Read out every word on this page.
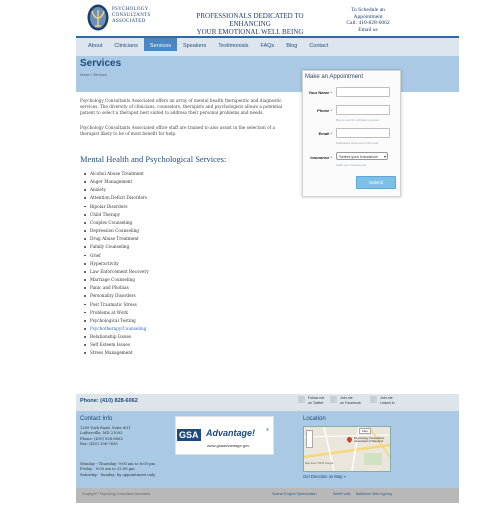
PSYCHOLOGY
CONSULTANTS
ASSOCIATED
PROFESSIONALS DEDICATED TO ENHANCING
YOUR EMOTIONAL WELL BEING
To Schedule an
Appointment
Call: 410-828-6062
Email us
About	Clinicians	Services	Speakers	Testimonials	FAQs	Blog	Contact
Services
Home » Services	Make an Appointment
Your Name *
Phone *
May be used for notification purposes
Email *
Notifications will be sent to this email
Insurance *	Select your Insurance ▾
Select your insurance plan
Submit
Psychology Consultants Associated offers an array of mental health therapeutic and diagnostic services. The diversity of clinicians, counselors, therapists and psychologists allows a potential patient to select a therapist best suited to address their personal problems and needs.
Psychology Consultants Associated office staff are trained to also assist in the selection of a therapist likely to be of most benefit for help.
Mental Health and Psychological Services:
Alcohol Abuse Treatment
Anger Management
Anxiety
Attention Deficit Disorders
Bipolar Disorders
Child Therapy
Couples Counseling
Depression Counseling
Drug Abuse Treatment
Family Counseling
Grief
Hyperactivity
Law Enforcement Recovery
Marriage Counseling
Panic and Phobias
Personality Disorders
Post Traumatic Stress
Problems at Work
Psychological Testing
Psychotherapy/Counseling
Relationship Issues
Self Esteem Issues
Stress Management
Phone: (410) 828-6062	Follow me
on Twitter
Join me
on Facebook
Join me
Linked In
Contact Info
1205 York Road, Suite #21
Lutherville, MD 21093
Phone: (410) 828-6062
Fax: (410) 296-7630
Monday - Thursday: 9:00 am to 8:00 pm
Friday - 9:00 am to 12:00 pm
Saturday - Sunday: by appointment only
GSA Advantage!	®
www.gsaadvantage.gov
Location
Map
Psychology Consultants Associated of Maryland
Map data ©2012 Google
Get Direction on Map »
Copyright © Psychology Consultants Associated	Search Engine Optimization	WebFronts Baltimore Web Agency
